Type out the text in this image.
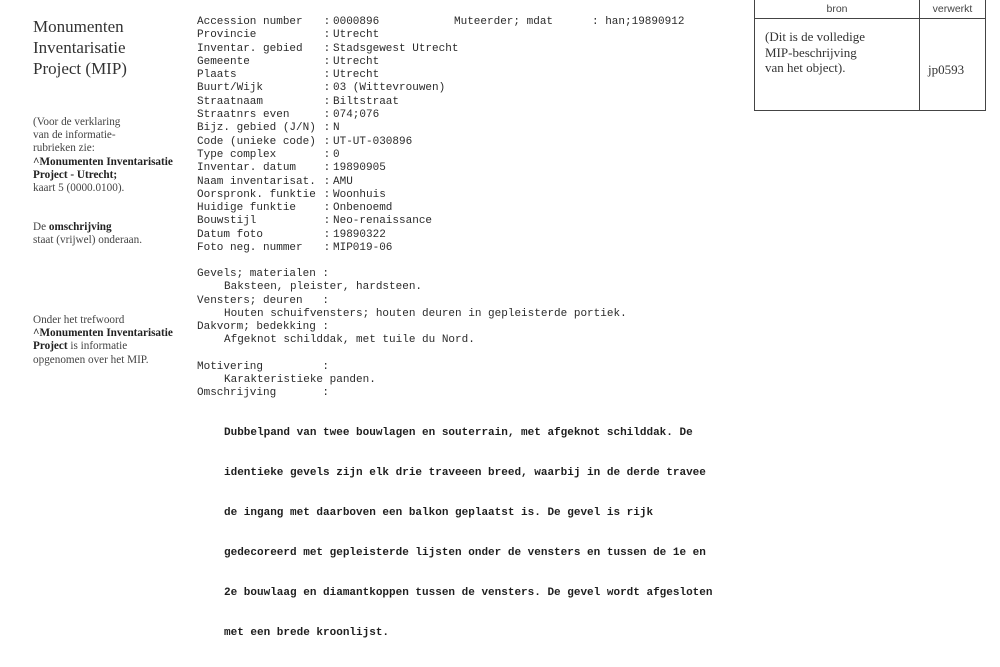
Monumenten
Inventarisatie
Project (MIP)
(Voor de verklaring
van de informatie-
rubrieken zie:
^Monumenten Inventarisatie
Project - Utrecht;
kaart 5 (0000.0100).
De omschrijving
staat (vrijwel) onderaan.
Onder het trefwoord
^Monumenten Inventarisatie
Project is informatie
opgenomen over het MIP.
Muteerder; mdat	: han;19890912
Accession number : 0000896
Provincie	: Utrecht
Inventar. gebied : Stadsgewest Utrecht
Gemeente	: Utrecht
Plaats	: Utrecht
Buurt/Wijk	: 03 (Wittevrouwen)
Straatnaam	: Biltstraat
Straatnrs even	: 074;076
Bijz. gebied (J/N) : N
Code (unieke code) : UT-UT-030896
Type complex	: 0
Inventar. datum : 19890905
Naam inventarisat. : AMU
Oorspronk. funktie : Woonhuis
Huidige funktie : Onbenoemd
Bouwstijl	: Neo-renaissance
Datum foto	: 19890322
Foto neg. nummer : MIP019-06
Gevels; materialen :
Baksteen, pleister, hardsteen.
Vensters; deuren   :
Houten schuifvensters; houten deuren in gepleisterde portiek.
Dakvorm; bedekking :
Afgeknot schilddak, met tuile du Nord.
Motivering         :
Karakteristieke panden.
Omschrijving       :

Dubbelpand van twee bouwlagen en souterrain, met afgeknot schilddak. De

identieke gevels zijn elk drie traveeen breed, waarbij in de derde travee

de ingang met daarboven een balkon geplaatst is. De gevel is rijk

gedecoreerd met gepleisterde lijsten onder de vensters en tussen de 1e en

2e bouwlaag en diamantkoppen tussen de vensters. De gevel wordt afgesloten

met een brede kroonlijst.

bron	verwerkt
(Dit is de volledige
MIP-beschrijving
van het object).	jp0593
